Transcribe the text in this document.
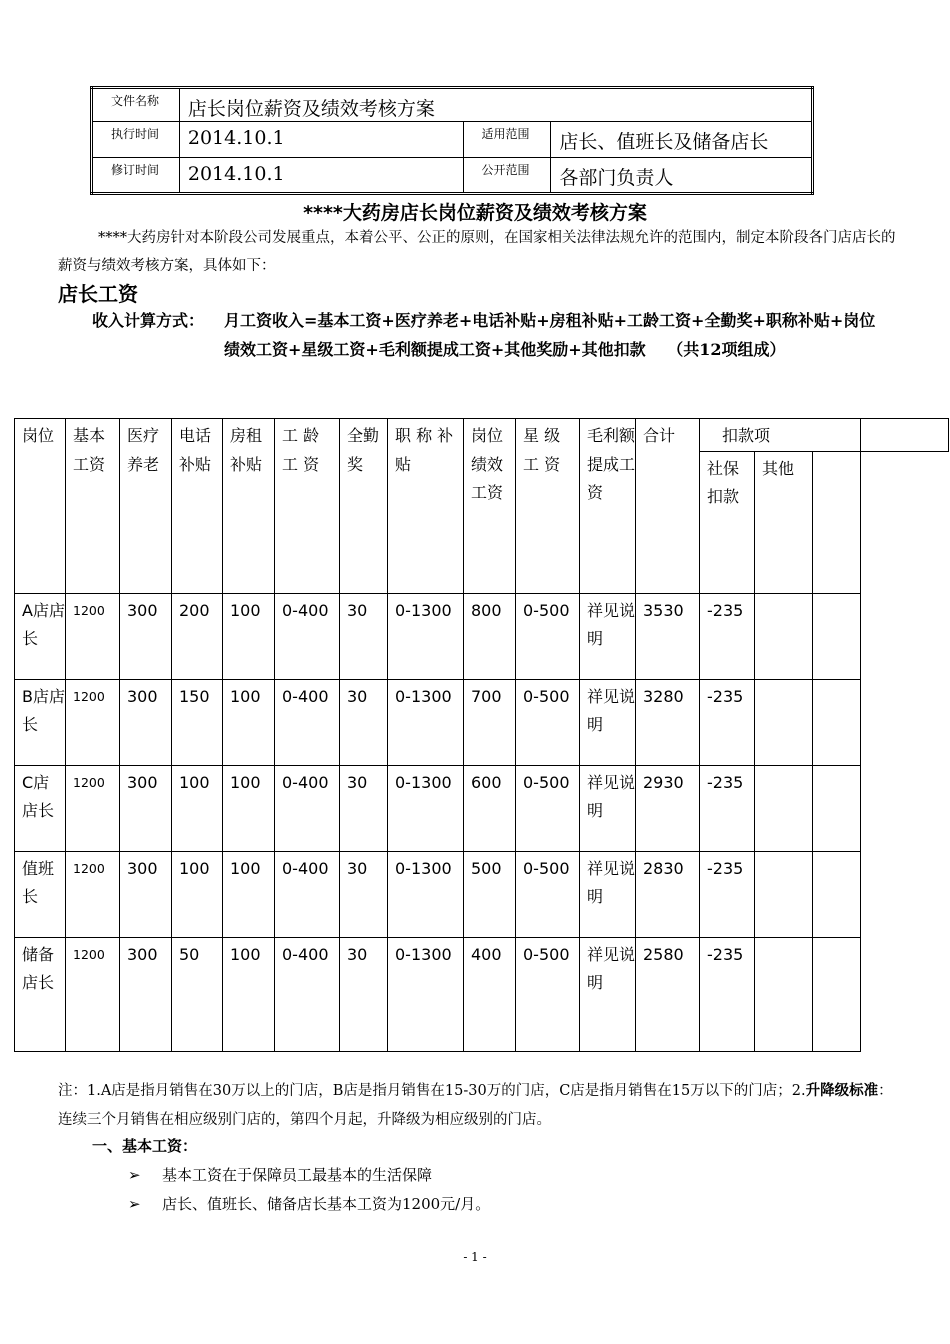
文件名称	店长岗位薪资及绩效考核方案		
执行时间	2014.10.1	适用范围	店长、值班长及储备店长
修订时间	2014.10.1	公开范围	各部门负责人
****大药房店长岗位薪资及绩效考核方案
****大药房针对本阶段公司发展重点，本着公平、公正的原则，在国家相关法律法规允许的范围内，制定本阶段各门店店长的薪资与绩效考核方案，具体如下：
店长工资
收入计算方式： 月工资收入=基本工资+医疗养老+电话补贴+房租补贴+工龄工资+全勤奖+职称补贴+岗位绩效工资+星级工资+毛利额提成工资+其他奖励+其他扣款　 （共12项组成）
岗位	基本工资	医疗养老	电话补贴	房租补贴	工 龄 工 资	全勤奖	职 称 补 贴	岗位绩效工资	星 级 工 资	毛利额提成工资	合计	扣款项			
												社保扣款	其他		
A店店长	1200	300	200	100	0-400	30	0-1300	800	0-500	祥见说明	3530	-235			
B店店长	1200	300	150	100	0-400	30	0-1300	700	0-500	祥见说明	3280	-235			
C店店长	1200	300	100	100	0-400	30	0-1300	600	0-500	祥见说明	2930	-235			
值班长	1200	300	100	100	0-400	30	0-1300	500	0-500	祥见说明	2830	-235			
储备店长	1200	300	50	100	0-400	30	0-1300	400	0-500	祥见说明	2580	-235			
注：1.A店是指月销售在30万以上的门店，B店是指月销售在15-30万的门店，C店是指月销售在15万以下的门店；2.升降级标准：连续三个月销售在相应级别门店的，第四个月起，升降级为相应级别的门店。
一、基本工资：
➢ 基本工资在于保障员工最基本的生活保障
➢ 店长、值班长、储备店长基本工资为1200元/月。
- 1 -
